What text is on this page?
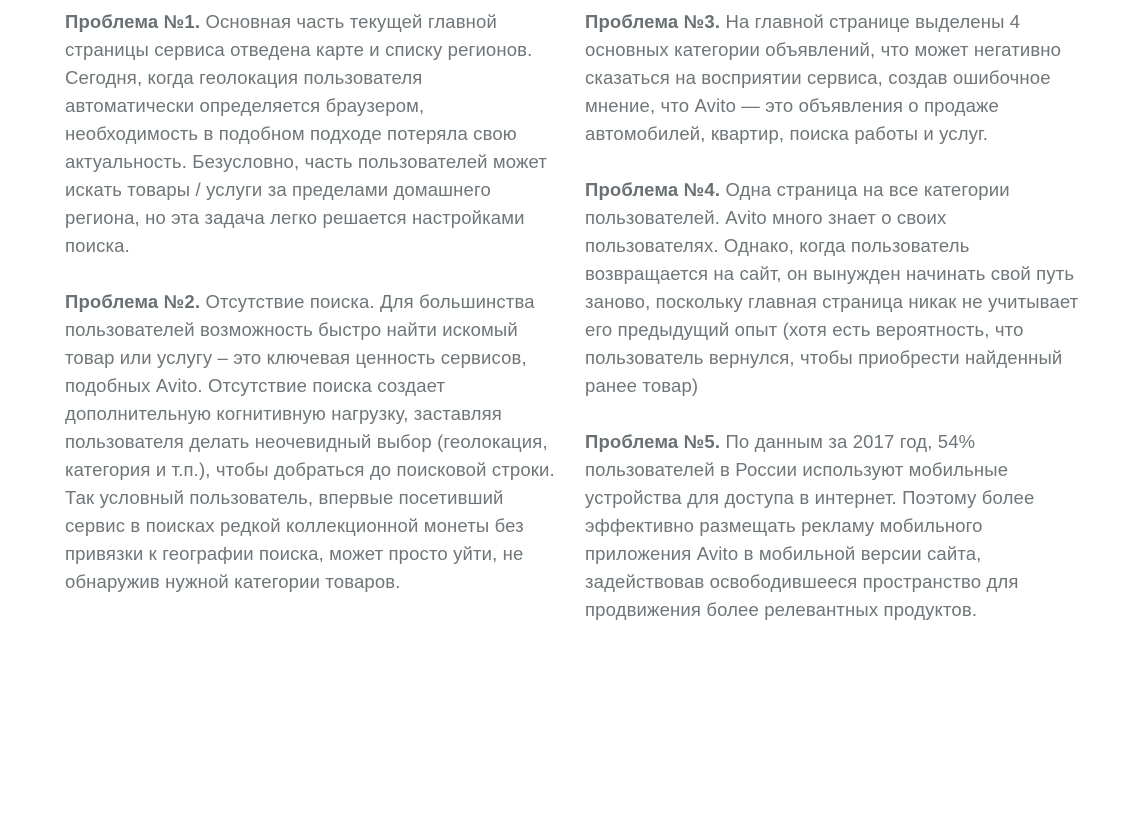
Проблема №1. Основная часть текущей главной страницы сервиса отведена карте и списку регионов. Сегодня, когда геолокация пользователя автоматически определяется браузером, необходимость в подобном подходе потеряла свою актуальность. Безусловно, часть пользователей может искать товары / услуги за пределами домашнего региона, но эта задача легко решается настройками поиска.

Проблема №2. Отсутствие поиска. Для большинства пользователей возможность быстро найти искомый товар или услугу – это ключевая ценность сервисов, подобных Avito. Отсутствие поиска создает дополнительную когнитивную нагрузку, заставляя пользователя делать неочевидный выбор (геолокация, категория и т.п.), чтобы добраться до поисковой строки. Так условный пользователь, впервые посетивший сервис в поисках редкой коллекционной монеты без привязки к географии поиска, может просто уйти, не обнаружив нужной категории товаров.

Проблема №3. На главной странице выделены 4 основных категории объявлений, что может негативно сказаться на восприятии сервиса, создав ошибочное мнение, что Avito — это объявления о продаже автомобилей, квартир, поиска работы и услуг.

Проблема №4. Одна страница на все категории пользователей. Avito много знает о своих пользователях. Однако, когда пользователь возвращается на сайт, он вынужден начинать свой путь заново, поскольку главная страница никак не учитывает его предыдущий опыт (хотя есть вероятность, что пользователь вернулся, чтобы приобрести найденный ранее товар)

Проблема №5. По данным за 2017 год, 54% пользователей в России используют мобильные устройства для доступа в интернет. Поэтому более эффективно размещать рекламу мобильного приложения Avito в мобильной версии сайта, задействовав освободившееся пространство для продвижения более релевантных продуктов.
